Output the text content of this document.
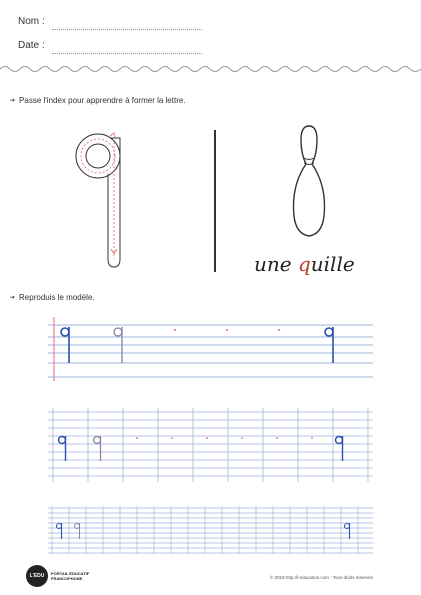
Nom :
Date :
➔ Passe l'index pour apprendre à former la lettre.
une quille
➔ Reproduis le modèle.
L'EDU	PORTAIL ÉDUCATIF
FRANCOPHONE	© 2019 http://l-education.com - Tous droits réservés
